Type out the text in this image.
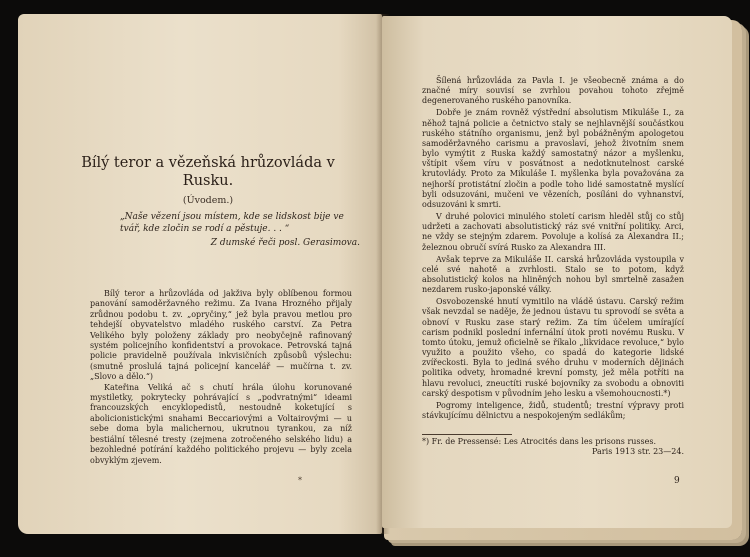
Bílý teror a vězeňská hrůzovláda v Rusku.
(Úvodem.)
„Naše vězení jsou místem, kde se lidskost bije ve tvář, kde zločin se rodí a pěstuje. . . “
Z dumské řeči posl. Gerasimova.

Bílý teror a hrůzovláda od jakživa byly oblíbenou formou panování samoděržavného režimu. Za Ivana Hrozného přijaly zrůdnou podobu t. zv. „opryčiny,“ jež byla pravou metlou pro tehdejší obyvatelstvo mladého ruského carství. Za Petra Velikého byly položeny základy pro neobyčejně rafinovaný systém policejního konfidentství a provokace. Petrovská tajná policie pravidelně používala inkvisičních způsobů výslechu: (smutně proslulá tajná policejní kancelář — mučírna t. zv. „Slovo a dělo.“)

Kateřina Veliká ač s chutí hrála úlohu korunované mystiletky, pokrytecky pohrávající s „podvratnými“ ideami francouzských encyklopedistů, nestoudně koketující s abolicionistickými snahami Beccariovými a Voltairovými — u sebe doma byla malichernou, ukrutnou tyrankou, za níž bestiální tělesné tresty (zejmena zotročeného selského lidu) a bezohledné potírání každého politického projevu — byly zcela obvyklým zjevem.

*

Šílená hrůzovláda za Pavla I. je všeobecně známa a do značné míry souvisí se zvrhlou povahou tohoto zřejmě degenerovaného ruského panovníka.

Dobře je znám rovněž výstřední absolutism Mikuláše I., za něhož tajná policie a četnictvo staly se nejhlavnější součástkou ruského státního organismu, jenž byl pobážněným apologetou samoděržavného carismu a pravoslaví, jehož životním snem bylo vymýtit z Ruska každý samostatný názor a myšlenku, vštípit všem víru v posvátnost a nedotknutelnost carské krutovlády. Proto za Mikuláše I. myšlenka byla považována za nejhorší protistátní zločin a podle toho lidé samostatně myslící byli odsuzováni, mučeni ve vězeních, posíláni do vyhnanství, odsuzováni k smrti.

V druhé polovici minulého století carism hleděl stůj co stůj udržeti a zachovati absolutistický ráz své vnitřní politiky. Arci, ne vždy se stejným zdarem. Povoluje a kolísá za Alexandra II.; železnou obručí svírá Rusko za Alexandra III.

Avšak teprve za Mikuláše II. carská hrůzovláda vystoupila v celé své nahotě a zvrhlosti. Stalo se to potom, když absolutistický kolos na hliněných nohou byl smrtelně zasažen nezdarem rusko-japonské války.

Osvobozenské hnutí vymitilo na vládě ústavu. Carský režim však nevzdal se naděje, že jednou ústavu tu sprovodí se světa a obnoví v Rusku zase starý režim. Za tím účelem umírající carism podnikl poslední infernální útok proti novému Rusku. V tomto útoku, jemuž oficielně se říkalo „likvidace revoluce,“ bylo využito a použito všeho, co spadá do kategorie lidské zvířeckosti. Byla to jediná svého druhu v moderních dějinách politika odvety, hromadné krevní pomsty, jež měla potříti na hlavu revoluci, zneuctíti ruské bojovníky za svobodu a obnoviti carský despotism v původním jeho lesku a všemohoucnosti.*)

Pogromy inteligence, židů, studentů; trestní výpravy proti stávkujícímu dělnictvu a nespokojeným sedlákům;

*) Fr. de Pressensé: Les Atrocités dans les prisons russes.
Paris 1913 str. 23—24.
9
